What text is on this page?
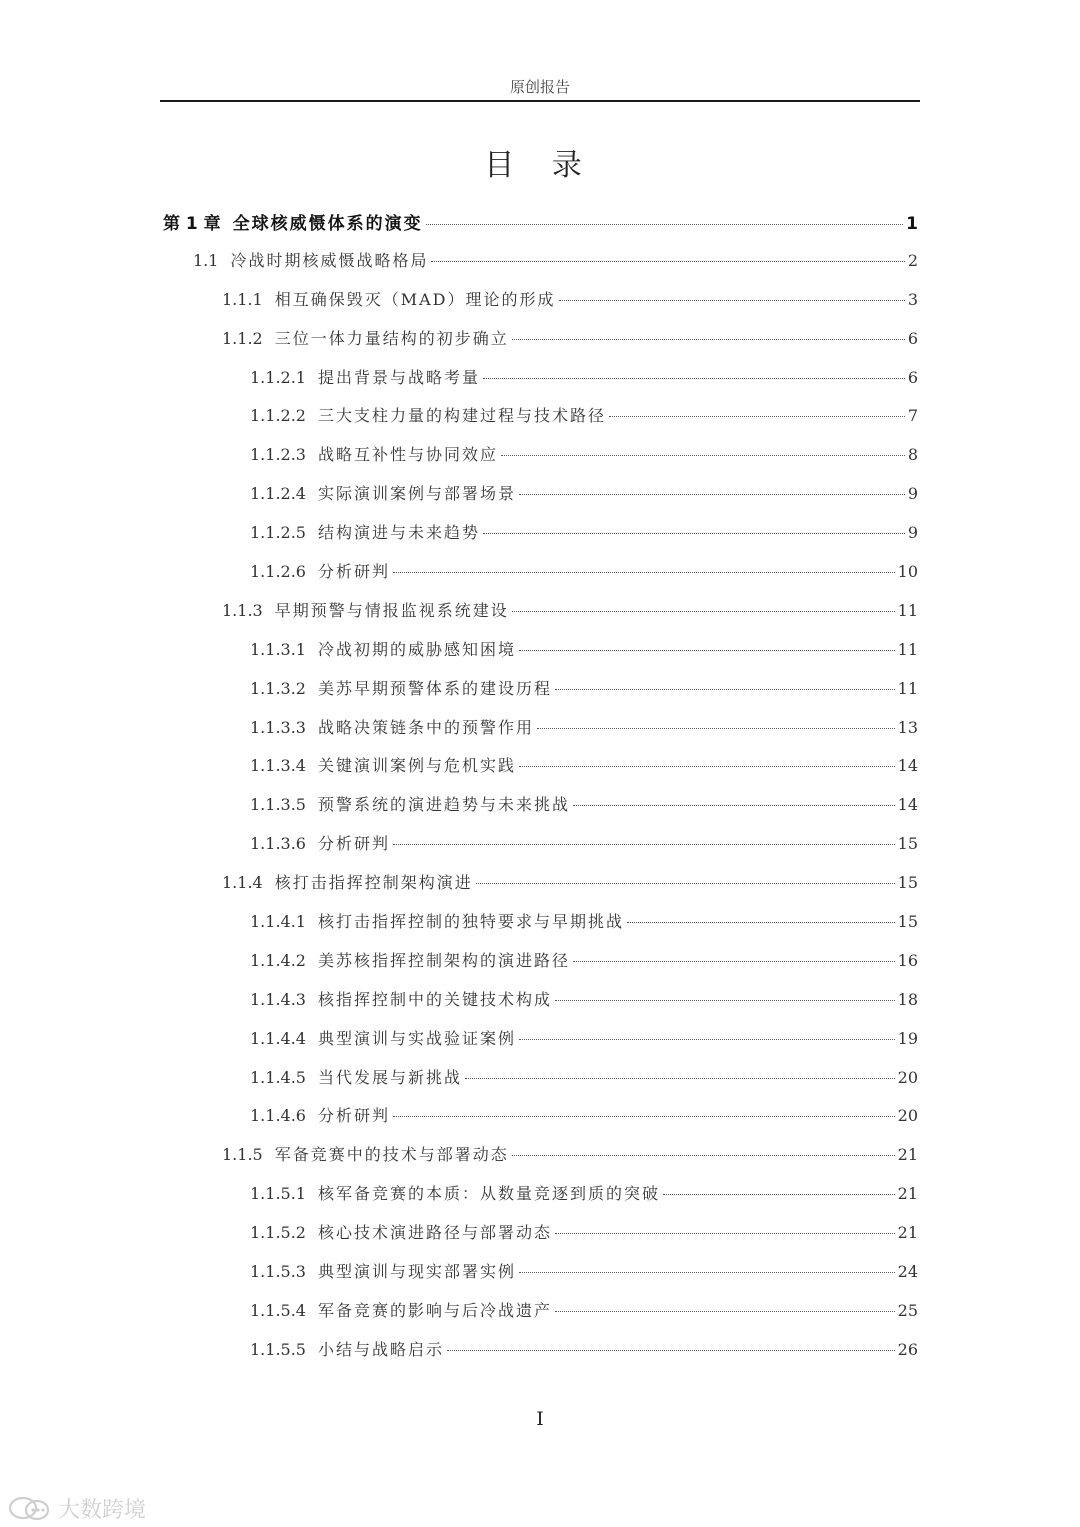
原创报告
目 录
第 1 章 全球核威慑体系的演变	1
1.1 冷战时期核威慑战略格局	2
1.1.1 相互确保毁灭（MAD）理论的形成	3
1.1.2 三位一体力量结构的初步确立	6
1.1.2.1 提出背景与战略考量	6
1.1.2.2 三大支柱力量的构建过程与技术路径	7
1.1.2.3 战略互补性与协同效应	8
1.1.2.4 实际演训案例与部署场景	9
1.1.2.5 结构演进与未来趋势	9
1.1.2.6 分析研判	10
1.1.3 早期预警与情报监视系统建设	11
1.1.3.1 冷战初期的威胁感知困境	11
1.1.3.2 美苏早期预警体系的建设历程	11
1.1.3.3 战略决策链条中的预警作用	13
1.1.3.4 关键演训案例与危机实践	14
1.1.3.5 预警系统的演进趋势与未来挑战	14
1.1.3.6 分析研判	15
1.1.4 核打击指挥控制架构演进	15
1.1.4.1 核打击指挥控制的独特要求与早期挑战	15
1.1.4.2 美苏核指挥控制架构的演进路径	16
1.1.4.3 核指挥控制中的关键技术构成	18
1.1.4.4 典型演训与实战验证案例	19
1.1.4.5 当代发展与新挑战	20
1.1.4.6 分析研判	20
1.1.5 军备竞赛中的技术与部署动态	21
1.1.5.1 核军备竞赛的本质：从数量竞逐到质的突破	21
1.1.5.2 核心技术演进路径与部署动态	21
1.1.5.3 典型演训与现实部署实例	24
1.1.5.4 军备竞赛的影响与后冷战遗产	25
1.1.5.5 小结与战略启示	26
I
大数跨境
